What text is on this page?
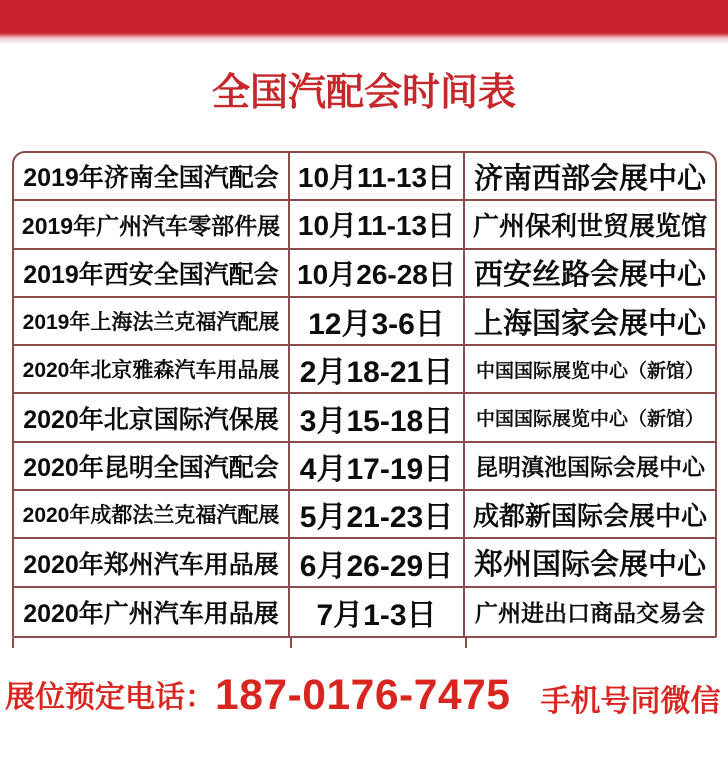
全国汽配会时间表
2019年济南全国汽配会 10月11-13日 济南西部会展中心
2019年广州汽车零部件展 10月11-13日 广州保利世贸展览馆
2019年西安全国汽配会 10月26-28日 西安丝路会展中心
2019年上海法兰克福汽配展 12月3-6日	上海国家会展中心
2020年北京雅森汽车用品展 2月18-21日	中国国际展览中心（新馆）
2020年北京国际汽保展 3月15-18日	中国国际展览中心（新馆）
2020年昆明全国汽配会 4月17-19日 昆明滇池国际会展中心
2020年成都法兰克福汽配展 5月21-23日 成都新国际会展中心
2020年郑州汽车用品展 6月26-29日 郑州国际会展中心
2020年广州汽车用品展	7月1-3日	广州进出口商品交易会
展位预定电话： 187-0176-7475 手机号同微信
